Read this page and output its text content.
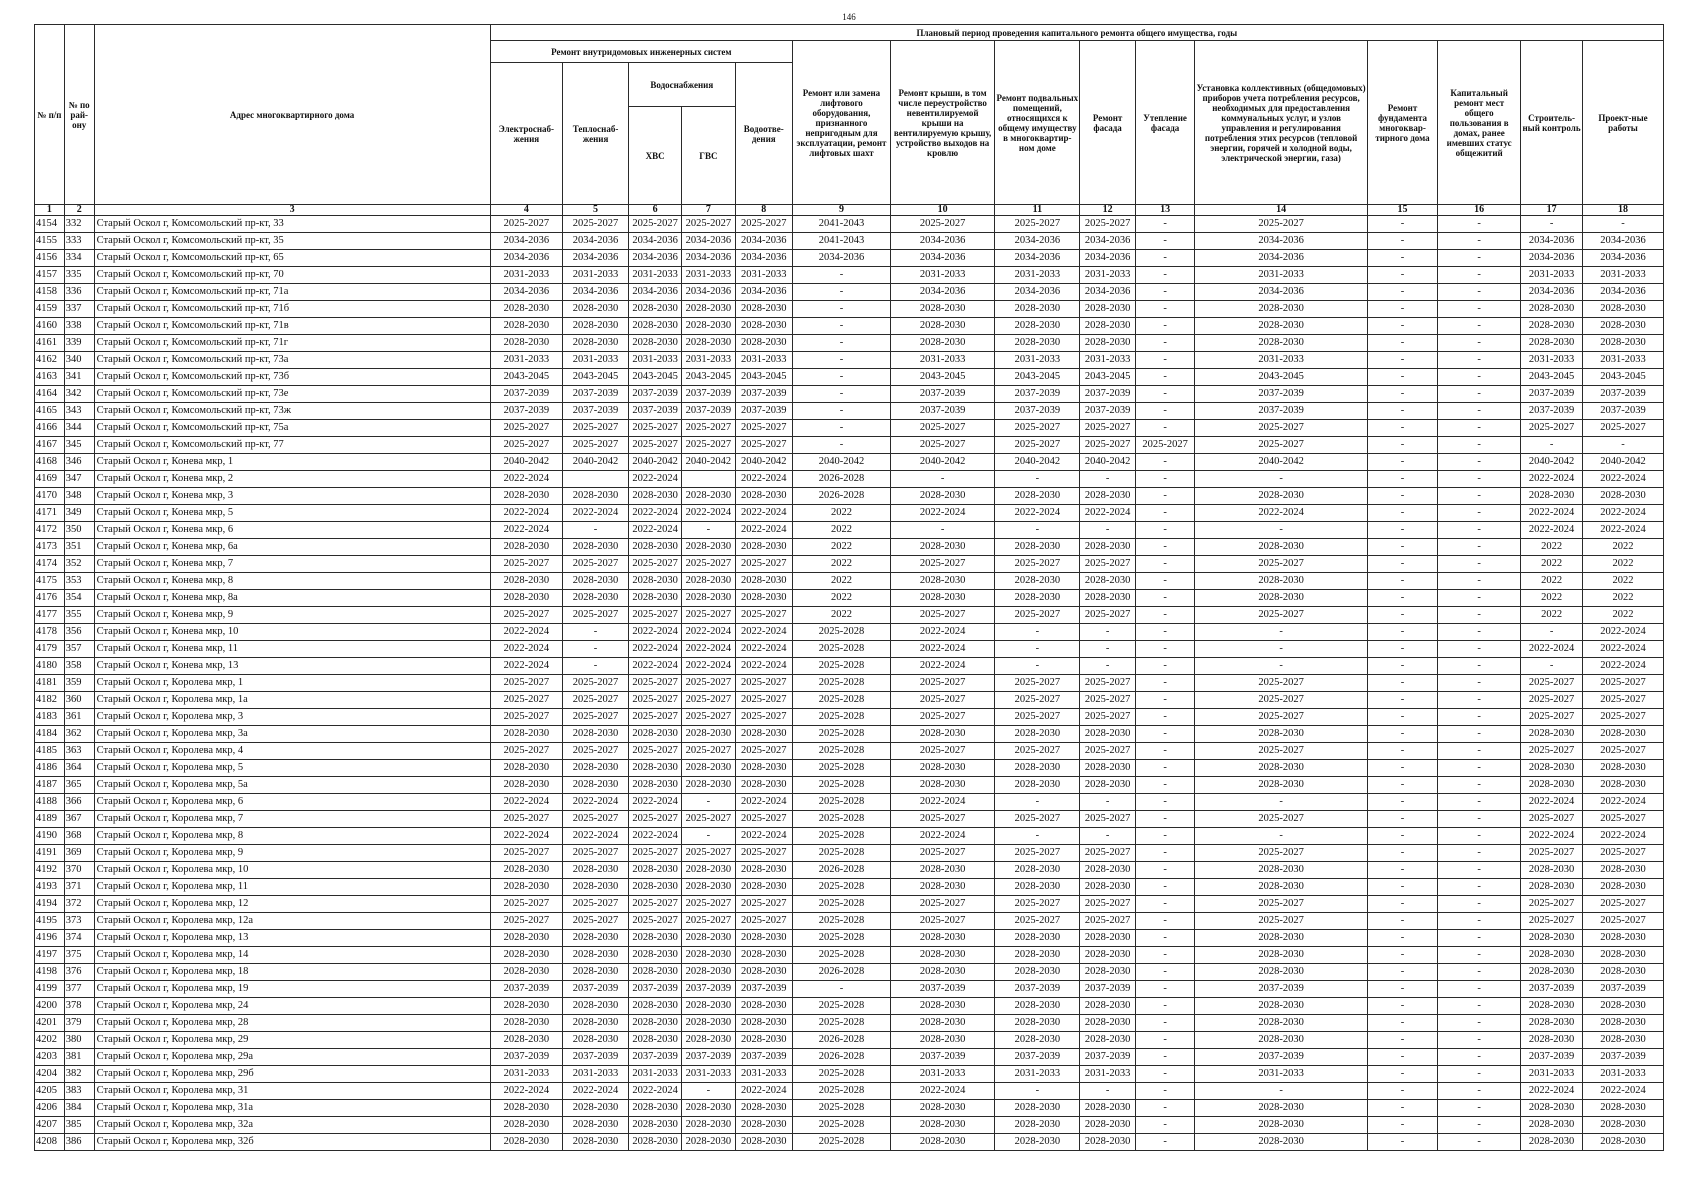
146
№ п/п	№ по рай-ону	Адрес многоквартирного дома	Плановый период проведения капитального ремонта общего имущества, годы														
			Ремонт внутридомовых инженерных систем					Ремонт или замена лифтового оборудования, признанного непригодным для эксплуатации, ремонт лифтовых шахт	Ремонт крыши, в том числе переустройство невентилируемой крыши на вентилируемую крышу, устройство выходов на кровлю	Ремонт подвальных помещений, относящихся к общему имуществу в многоквартир-ном доме	Ремонт фасада	Утепление фасада	Установка коллективных (общедомовых) приборов учета потребления ресурсов, необходимых для предоставления коммунальных услуг, и узлов управления и регулирования потребления этих ресурсов (тепловой энергии, горячей и холодной воды, электрической энергии, газа)	Ремонт фундамента многоквар-тирного дома	Капитальный ремонт мест общего пользования в домах, ранее имевших статус общежитий	Строитель-ный контроль	Проект-ные работы
			Электроснаб-жения	Теплоснаб-жения	Водоснабжения		Водоотве-дения										
					ХВС	ГВС											
1	2	3	4	5	6	7	8	9	10	11	12	13	14	15	16	17	18
4154	332	Старый Оскол г, Комсомольский пр-кт, 33	2025-2027	2025-2027	2025-2027	2025-2027	2025-2027	2041-2043	2025-2027	2025-2027	2025-2027	-	2025-2027	-	-	-	-
4155	333	Старый Оскол г, Комсомольский пр-кт, 35	2034-2036	2034-2036	2034-2036	2034-2036	2034-2036	2041-2043	2034-2036	2034-2036	2034-2036	-	2034-2036	-	-	2034-2036	2034-2036
4156	334	Старый Оскол г, Комсомольский пр-кт, 65	2034-2036	2034-2036	2034-2036	2034-2036	2034-2036	2034-2036	2034-2036	2034-2036	2034-2036	-	2034-2036	-	-	2034-2036	2034-2036
4157	335	Старый Оскол г, Комсомольский пр-кт, 70	2031-2033	2031-2033	2031-2033	2031-2033	2031-2033	-	2031-2033	2031-2033	2031-2033	-	2031-2033	-	-	2031-2033	2031-2033
4158	336	Старый Оскол г, Комсомольский пр-кт, 71а	2034-2036	2034-2036	2034-2036	2034-2036	2034-2036	-	2034-2036	2034-2036	2034-2036	-	2034-2036	-	-	2034-2036	2034-2036
4159	337	Старый Оскол г, Комсомольский пр-кт, 71б	2028-2030	2028-2030	2028-2030	2028-2030	2028-2030	-	2028-2030	2028-2030	2028-2030	-	2028-2030	-	-	2028-2030	2028-2030
4160	338	Старый Оскол г, Комсомольский пр-кт, 71в	2028-2030	2028-2030	2028-2030	2028-2030	2028-2030	-	2028-2030	2028-2030	2028-2030	-	2028-2030	-	-	2028-2030	2028-2030
4161	339	Старый Оскол г, Комсомольский пр-кт, 71г	2028-2030	2028-2030	2028-2030	2028-2030	2028-2030	-	2028-2030	2028-2030	2028-2030	-	2028-2030	-	-	2028-2030	2028-2030
4162	340	Старый Оскол г, Комсомольский пр-кт, 73а	2031-2033	2031-2033	2031-2033	2031-2033	2031-2033	-	2031-2033	2031-2033	2031-2033	-	2031-2033	-	-	2031-2033	2031-2033
4163	341	Старый Оскол г, Комсомольский пр-кт, 73б	2043-2045	2043-2045	2043-2045	2043-2045	2043-2045	-	2043-2045	2043-2045	2043-2045	-	2043-2045	-	-	2043-2045	2043-2045
4164	342	Старый Оскол г, Комсомольский пр-кт, 73е	2037-2039	2037-2039	2037-2039	2037-2039	2037-2039	-	2037-2039	2037-2039	2037-2039	-	2037-2039	-	-	2037-2039	2037-2039
4165	343	Старый Оскол г, Комсомольский пр-кт, 73ж	2037-2039	2037-2039	2037-2039	2037-2039	2037-2039	-	2037-2039	2037-2039	2037-2039	-	2037-2039	-	-	2037-2039	2037-2039
4166	344	Старый Оскол г, Комсомольский пр-кт, 75а	2025-2027	2025-2027	2025-2027	2025-2027	2025-2027	-	2025-2027	2025-2027	2025-2027	-	2025-2027	-	-	2025-2027	2025-2027
4167	345	Старый Оскол г, Комсомольский пр-кт, 77	2025-2027	2025-2027	2025-2027	2025-2027	2025-2027	-	2025-2027	2025-2027	2025-2027	2025-2027	2025-2027	-	-	-	-
4168	346	Старый Оскол г, Конева мкр, 1	2040-2042	2040-2042	2040-2042	2040-2042	2040-2042	2040-2042	2040-2042	2040-2042	2040-2042	-	2040-2042	-	-	2040-2042	2040-2042
4169	347	Старый Оскол г, Конева мкр, 2	2022-2024		2022-2024		2022-2024	2026-2028	-	-	-	-	-	-	-	2022-2024	2022-2024
4170	348	Старый Оскол г, Конева мкр, 3	2028-2030	2028-2030	2028-2030	2028-2030	2028-2030	2026-2028	2028-2030	2028-2030	2028-2030	-	2028-2030	-	-	2028-2030	2028-2030
4171	349	Старый Оскол г, Конева мкр, 5	2022-2024	2022-2024	2022-2024	2022-2024	2022-2024	2022	2022-2024	2022-2024	2022-2024	-	2022-2024	-	-	2022-2024	2022-2024
4172	350	Старый Оскол г, Конева мкр, 6	2022-2024	-	2022-2024	-	2022-2024	2022	-	-	-	-	-	-	-	2022-2024	2022-2024
4173	351	Старый Оскол г, Конева мкр, 6а	2028-2030	2028-2030	2028-2030	2028-2030	2028-2030	2022	2028-2030	2028-2030	2028-2030	-	2028-2030	-	-	2022	2022
4174	352	Старый Оскол г, Конева мкр, 7	2025-2027	2025-2027	2025-2027	2025-2027	2025-2027	2022	2025-2027	2025-2027	2025-2027	-	2025-2027	-	-	2022	2022
4175	353	Старый Оскол г, Конева мкр, 8	2028-2030	2028-2030	2028-2030	2028-2030	2028-2030	2022	2028-2030	2028-2030	2028-2030	-	2028-2030	-	-	2022	2022
4176	354	Старый Оскол г, Конева мкр, 8а	2028-2030	2028-2030	2028-2030	2028-2030	2028-2030	2022	2028-2030	2028-2030	2028-2030	-	2028-2030	-	-	2022	2022
4177	355	Старый Оскол г, Конева мкр, 9	2025-2027	2025-2027	2025-2027	2025-2027	2025-2027	2022	2025-2027	2025-2027	2025-2027	-	2025-2027	-	-	2022	2022
4178	356	Старый Оскол г, Конева мкр, 10	2022-2024	-	2022-2024	2022-2024	2022-2024	2025-2028	2022-2024	-	-	-	-	-	-	-	2022-2024
4179	357	Старый Оскол г, Конева мкр, 11	2022-2024	-	2022-2024	2022-2024	2022-2024	2025-2028	2022-2024	-	-	-	-	-	-	2022-2024	2022-2024
4180	358	Старый Оскол г, Конева мкр, 13	2022-2024	-	2022-2024	2022-2024	2022-2024	2025-2028	2022-2024	-	-	-	-	-	-	-	2022-2024
4181	359	Старый Оскол г, Королева мкр, 1	2025-2027	2025-2027	2025-2027	2025-2027	2025-2027	2025-2028	2025-2027	2025-2027	2025-2027	-	2025-2027	-	-	2025-2027	2025-2027
4182	360	Старый Оскол г, Королева мкр, 1а	2025-2027	2025-2027	2025-2027	2025-2027	2025-2027	2025-2028	2025-2027	2025-2027	2025-2027	-	2025-2027	-	-	2025-2027	2025-2027
4183	361	Старый Оскол г, Королева мкр, 3	2025-2027	2025-2027	2025-2027	2025-2027	2025-2027	2025-2028	2025-2027	2025-2027	2025-2027	-	2025-2027	-	-	2025-2027	2025-2027
4184	362	Старый Оскол г, Королева мкр, 3а	2028-2030	2028-2030	2028-2030	2028-2030	2028-2030	2025-2028	2028-2030	2028-2030	2028-2030	-	2028-2030	-	-	2028-2030	2028-2030
4185	363	Старый Оскол г, Королева мкр, 4	2025-2027	2025-2027	2025-2027	2025-2027	2025-2027	2025-2028	2025-2027	2025-2027	2025-2027	-	2025-2027	-	-	2025-2027	2025-2027
4186	364	Старый Оскол г, Королева мкр, 5	2028-2030	2028-2030	2028-2030	2028-2030	2028-2030	2025-2028	2028-2030	2028-2030	2028-2030	-	2028-2030	-	-	2028-2030	2028-2030
4187	365	Старый Оскол г, Королева мкр, 5а	2028-2030	2028-2030	2028-2030	2028-2030	2028-2030	2025-2028	2028-2030	2028-2030	2028-2030	-	2028-2030	-	-	2028-2030	2028-2030
4188	366	Старый Оскол г, Королева мкр, 6	2022-2024	2022-2024	2022-2024	-	2022-2024	2025-2028	2022-2024	-	-	-	-	-	-	2022-2024	2022-2024
4189	367	Старый Оскол г, Королева мкр, 7	2025-2027	2025-2027	2025-2027	2025-2027	2025-2027	2025-2028	2025-2027	2025-2027	2025-2027	-	2025-2027	-	-	2025-2027	2025-2027
4190	368	Старый Оскол г, Королева мкр, 8	2022-2024	2022-2024	2022-2024	-	2022-2024	2025-2028	2022-2024	-	-	-	-	-	-	2022-2024	2022-2024
4191	369	Старый Оскол г, Королева мкр, 9	2025-2027	2025-2027	2025-2027	2025-2027	2025-2027	2025-2028	2025-2027	2025-2027	2025-2027	-	2025-2027	-	-	2025-2027	2025-2027
4192	370	Старый Оскол г, Королева мкр, 10	2028-2030	2028-2030	2028-2030	2028-2030	2028-2030	2026-2028	2028-2030	2028-2030	2028-2030	-	2028-2030	-	-	2028-2030	2028-2030
4193	371	Старый Оскол г, Королева мкр, 11	2028-2030	2028-2030	2028-2030	2028-2030	2028-2030	2025-2028	2028-2030	2028-2030	2028-2030	-	2028-2030	-	-	2028-2030	2028-2030
4194	372	Старый Оскол г, Королева мкр, 12	2025-2027	2025-2027	2025-2027	2025-2027	2025-2027	2025-2028	2025-2027	2025-2027	2025-2027	-	2025-2027	-	-	2025-2027	2025-2027
4195	373	Старый Оскол г, Королева мкр, 12а	2025-2027	2025-2027	2025-2027	2025-2027	2025-2027	2025-2028	2025-2027	2025-2027	2025-2027	-	2025-2027	-	-	2025-2027	2025-2027
4196	374	Старый Оскол г, Королева мкр, 13	2028-2030	2028-2030	2028-2030	2028-2030	2028-2030	2025-2028	2028-2030	2028-2030	2028-2030	-	2028-2030	-	-	2028-2030	2028-2030
4197	375	Старый Оскол г, Королева мкр, 14	2028-2030	2028-2030	2028-2030	2028-2030	2028-2030	2025-2028	2028-2030	2028-2030	2028-2030	-	2028-2030	-	-	2028-2030	2028-2030
4198	376	Старый Оскол г, Королева мкр, 18	2028-2030	2028-2030	2028-2030	2028-2030	2028-2030	2026-2028	2028-2030	2028-2030	2028-2030	-	2028-2030	-	-	2028-2030	2028-2030
4199	377	Старый Оскол г, Королева мкр, 19	2037-2039	2037-2039	2037-2039	2037-2039	2037-2039	-	2037-2039	2037-2039	2037-2039	-	2037-2039	-	-	2037-2039	2037-2039
4200	378	Старый Оскол г, Королева мкр, 24	2028-2030	2028-2030	2028-2030	2028-2030	2028-2030	2025-2028	2028-2030	2028-2030	2028-2030	-	2028-2030	-	-	2028-2030	2028-2030
4201	379	Старый Оскол г, Королева мкр, 28	2028-2030	2028-2030	2028-2030	2028-2030	2028-2030	2025-2028	2028-2030	2028-2030	2028-2030	-	2028-2030	-	-	2028-2030	2028-2030
4202	380	Старый Оскол г, Королева мкр, 29	2028-2030	2028-2030	2028-2030	2028-2030	2028-2030	2026-2028	2028-2030	2028-2030	2028-2030	-	2028-2030	-	-	2028-2030	2028-2030
4203	381	Старый Оскол г, Королева мкр, 29а	2037-2039	2037-2039	2037-2039	2037-2039	2037-2039	2026-2028	2037-2039	2037-2039	2037-2039	-	2037-2039	-	-	2037-2039	2037-2039
4204	382	Старый Оскол г, Королева мкр, 29б	2031-2033	2031-2033	2031-2033	2031-2033	2031-2033	2025-2028	2031-2033	2031-2033	2031-2033	-	2031-2033	-	-	2031-2033	2031-2033
4205	383	Старый Оскол г, Королева мкр, 31	2022-2024	2022-2024	2022-2024	-	2022-2024	2025-2028	2022-2024	-	-	-	-	-	-	2022-2024	2022-2024
4206	384	Старый Оскол г, Королева мкр, 31а	2028-2030	2028-2030	2028-2030	2028-2030	2028-2030	2025-2028	2028-2030	2028-2030	2028-2030	-	2028-2030	-	-	2028-2030	2028-2030
4207	385	Старый Оскол г, Королева мкр, 32а	2028-2030	2028-2030	2028-2030	2028-2030	2028-2030	2025-2028	2028-2030	2028-2030	2028-2030	-	2028-2030	-	-	2028-2030	2028-2030
4208	386	Старый Оскол г, Королева мкр, 32б	2028-2030	2028-2030	2028-2030	2028-2030	2028-2030	2025-2028	2028-2030	2028-2030	2028-2030	-	2028-2030	-	-	2028-2030	2028-2030
